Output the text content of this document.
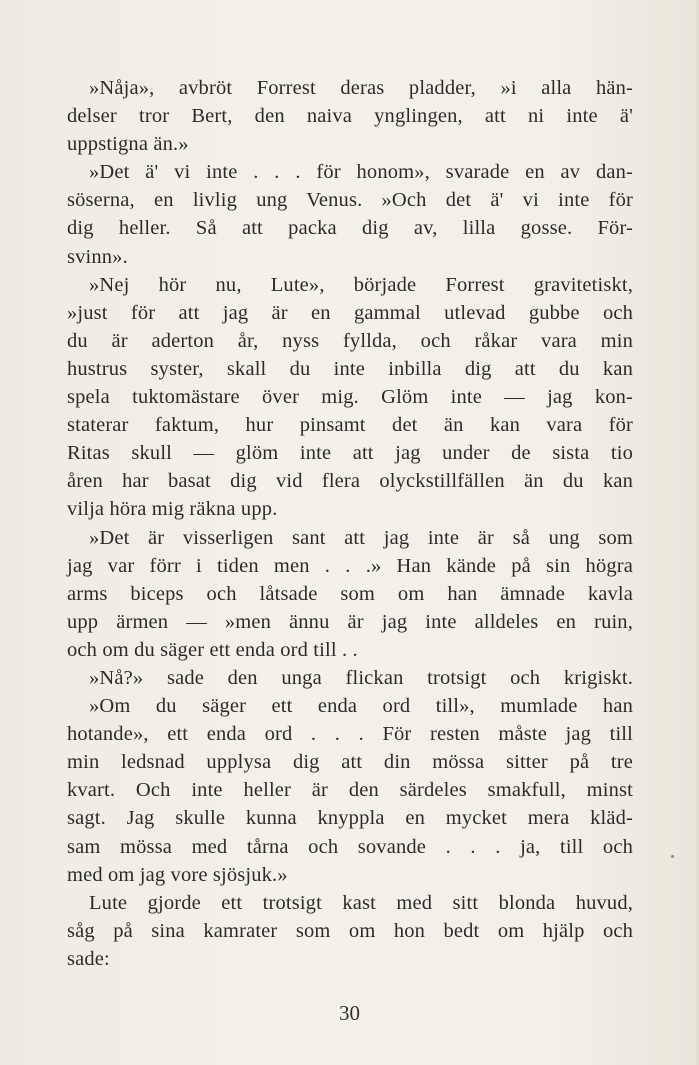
»Nåja», avbröt Forrest deras pladder, »i alla hän-
delser tror Bert, den naiva ynglingen, att ni inte ä'
uppstigna än.»
»Det ä' vi inte . . . för honom», svarade en av dan-
söserna, en livlig ung Venus. »Och det ä' vi inte för
dig heller. Så att packa dig av, lilla gosse. För-
svinn».
»Nej hör nu, Lute», började Forrest gravitetiskt,
»just för att jag är en gammal utlevad gubbe och
du är aderton år, nyss fyllda, och råkar vara min
hustrus syster, skall du inte inbilla dig att du kan
spela tuktomästare över mig. Glöm inte — jag kon-
staterar faktum, hur pinsamt det än kan vara för
Ritas skull — glöm inte att jag under de sista tio
åren har basat dig vid flera olyckstillfällen än du kan
vilja höra mig räkna upp.
»Det är visserligen sant att jag inte är så ung som
jag var förr i tiden men . . .» Han kände på sin högra
arms biceps och låtsade som om han ämnade kavla
upp ärmen — »men ännu är jag inte alldeles en ruin,
och om du säger ett enda ord till . .
»Nå?» sade den unga flickan trotsigt och krigiskt.
»Om du säger ett enda ord till», mumlade han
hotande», ett enda ord . . . För resten måste jag till
min ledsnad upplysa dig att din mössa sitter på tre
kvart. Och inte heller är den särdeles smakfull, minst
sagt. Jag skulle kunna knyppla en mycket mera kläd-
sam mössa med tårna och sovande . . . ja, till och
med om jag vore sjösjuk.»
Lute gjorde ett trotsigt kast med sitt blonda huvud,
såg på sina kamrater som om hon bedt om hjälp och
sade:
30
